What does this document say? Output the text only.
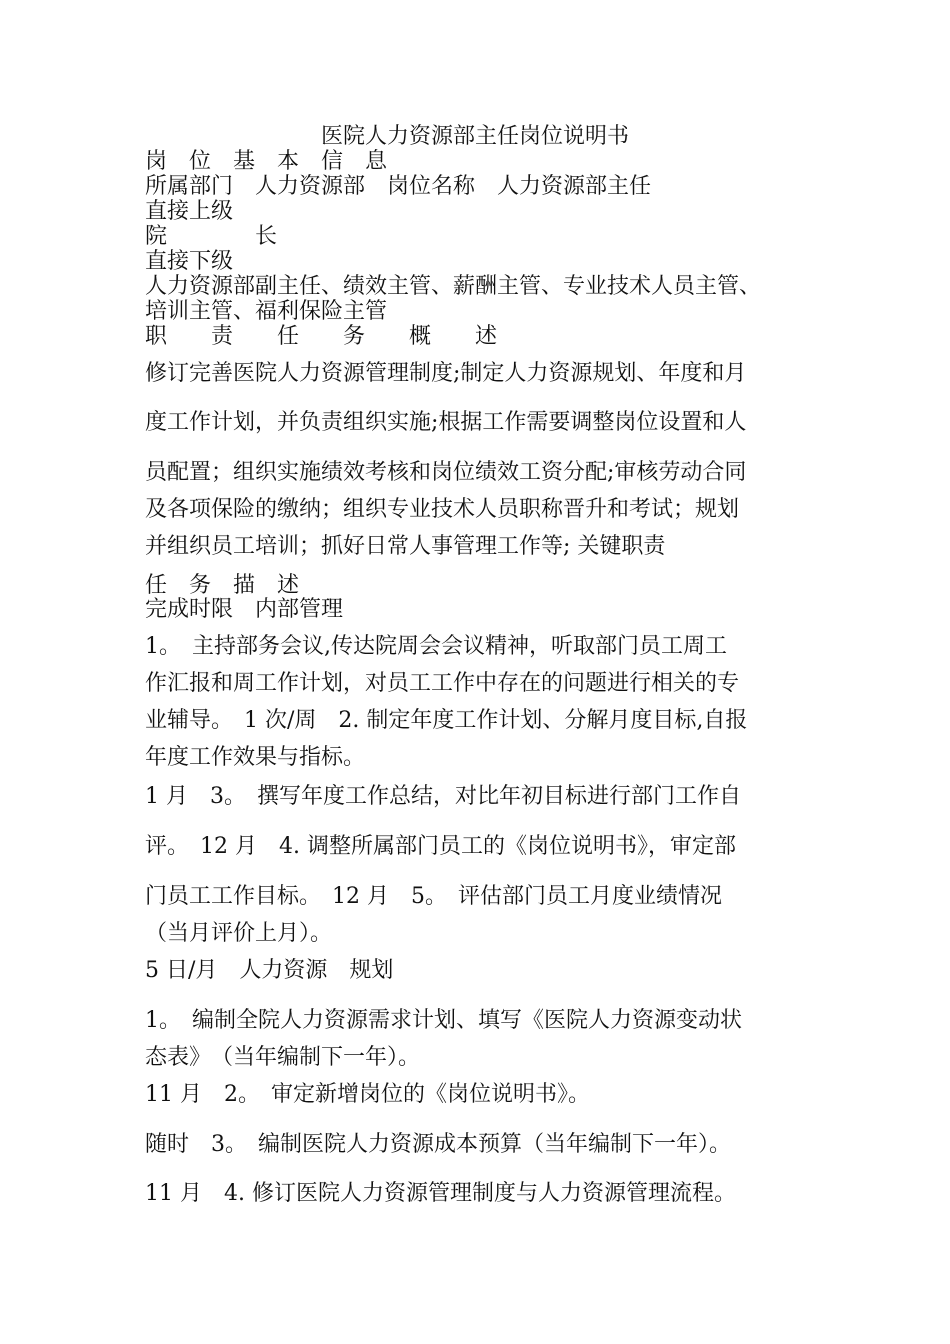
医院人力资源部主任岗位说明书

岗　位　基　本　信　息

所属部门　人力资源部　岗位名称　人力资源部主任

直接上级

院　　　　长

直接下级

人力资源部副主任、绩效主管、薪酬主管、专业技术人员主管、

培训主管、福利保险主管

职　　责　　任　　务　　概　　述

修订完善医院人力资源管理制度;制定人力资源规划、年度和月

度工作计划，并负责组织实施;根据工作需要调整岗位设置和人

员配置；组织实施绩效考核和岗位绩效工资分配;审核劳动合同

及各项保险的缴纳；组织专业技术人员职称晋升和考试；规划

并组织员工培训；抓好日常人事管理工作等; 关键职责

任　务　描　述

完成时限　内部管理

1。　主持部务会议,传达院周会会议精神，听取部门员工周工

作汇报和周工作计划，对员工工作中存在的问题进行相关的专

业辅导。　1 次/周　2. 制定年度工作计划、分解月度目标,自报

年度工作效果与指标。

1 月　3。　撰写年度工作总结，对比年初目标进行部门工作自

评。　12 月　4. 调整所属部门员工的《岗位说明书》，审定部

门员工工作目标。　12 月　5。　评估部门员工月度业绩情况

（当月评价上月）。

5 日/月　人力资源　规划

1。　编制全院人力资源需求计划、填写《医院人力资源变动状

态表》　（当年编制下一年）。

11 月　2。　审定新增岗位的《岗位说明书》。

随时　3。　编制医院人力资源成本预算（当年编制下一年）。

11 月　4. 修订医院人力资源管理制度与人力资源管理流程。
